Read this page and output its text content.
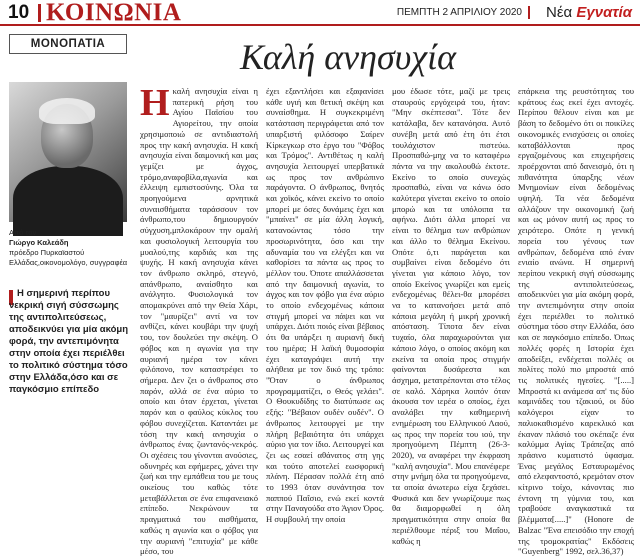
10 ΚΟΙΝΩΝΙΑ	ΠΕΜΠΤΗ 2 ΑΠΡΙΛΙΟΥ 2020 Νέα Εγνατία
ΜΟΝΟΠΑΤΙΑ
Από τον
Γιώργο Καλεάδη
πρόεδρο Πυρκαϊαστού Ελλάδας,οικονομολόγο, συγγραφέα
Η σημερινή περίπου νεκρική σιγή σύσσωμης της αντιπολιτεύσεως, αποδεικνύει για μία ακόμη φορά, την αντεπιμόνητα στην οποία έχει περιέλθει το πολιτικό σύστημα τόσο στην Ελλάδα,όσο και σε παγκόσμιο επίπεδο
Καλή ανησυχία
Η καλή ανησυχία είναι η πατερική ρήση του Αγίου Παϊσίου του Αγιορείτου, την οποία χρησιμοποιώ σε αντιδιαστολή προς την κακή ανησυχία. Η κακή ανησυχία είναι δαιμονική και μας γεμίζει με άγχος, τρόμο,αναφοβίλα,αγωνία και έλλειψη εμπιστοσύνης. Όλα τα προηγούμενα αρνητικά συναισθήματα ταράσσουν τον άνθρωπο,του δημιουργούν σύγχυση,μπλοκάρουν την ομαλή και φυσιολογική λειτουργία του μυαλού,της καρδιάς και της ψυχής. Η κακή ανησυχία κάνει τον άνθρωπο σκληρό, στεγνό, απάνθρωπο, αναίσθητο και ανάλγητο. Φυσιολογικά τον απομακρύνει από την Θεία Χάρι, τον "μαυρίζει" αντί να τον ανθίζει, κάνει κουβάρι την ψυχή του, τον δουλεύει την σκέψη. Ο φόβος και η αγωνία για την αυριανή ημέρα τον κάνει φιλόπονο, τον καταστρέφει το σήμερα. Δεν ζει ο άνθρωπος στο παρόν, αλλά σε ένα αύριο το οποίο και όταν έρχεται, γίνεται παρόν και ο φαύλος κύκλος του φόβου συνεχίζεται. Καταντάει με τόση την κακή ανησυχία ο άνθρωπος ένας ζωντανός-νεκρός. Οι σχέσεις του γίνονται ανούσιες, οδυνηρές και εφήμερες, χάνει την ζωή και την εμπάθεια του με τους οικείους του καθώς τότε μεταβάλλεται σε ένα επιφανειακό επίπεδο. Νεκρώνουν τα πραγματικά του αισθήματα, καθώς η αγωνία και ο φόβος για την αυριανή "επιτυχία" με κάθε μέσο, του

έχει εξαντλήσει και εξαφανίσει κάθε υγιή και θετική σκέψη και συναίσθημα. Η συγκεκριμένη κατάσταση περιγράφεται από τον υπαρξιστή φιλόσοφο Σαίρεν Κίρκεγκωρ στο έργο του "Φόβος και Τρόμος". Αντιθέτως η καλή ανησυχία λειτουργεί υπερβατικά ως προς τον ανθρώπινο παράγοντα. Ο άνθρωπος, θνητός και χοϊκός, κάνει εκείνο το οποίο μπορεί με όσες δυνάμεις έχει και "μπαίνει" σε μία άλλη λογική, κατανοώντας τόσο την προσωρινότητα, όσο και την αδυναμία του να ελέγξει και να καθορίσει τα πάντα ως προς το μέλλον του. Όποτε απαλλάσσεται από την δαιμονική αγωνία, το άγχος και τον φόβο για ένα αύριο το οποίο ενδεχομένως κάποια στιγμή μπορεί να πάψει και να υπάρχει. Διότι ποιός είναι βέβαιος ότι θα υπάρξει η αυριανή δική του ημέρα; Η λαϊκή θυμοσοφία έχει καταγράψει αυτή την αλήθεια με τον δικό της τρόπο: "Όταν ο άνθρωπος προγραμματίζει, ο Θεός γελάει". Ο Θουκυδίδης το διατύπωσε ως εξής: "Βέβαιον ουδέν ουδέν". Ο άνθρωπος λειτουργεί με την πλήρη βεβαιότητα ότι υπάρχει αύριο για τον ίδιο. Λειτουργεί και ζει ως εσαεί αθάνατος στη γης και τούτο αποτελεί εωσφορική πλάνη. Πέρασαν πολλά έτη από το 1993 όταν συνάντησα τον παππού Παΐσιο, ενώ εκεί κοντά στην Παναγούδα στο Άγιον Όρος. Η συμβουλή την οποία

μου έδωσε τότε, μαζί με τρεις σταυρούς εργόχειρά του, ήταν: "Μην σκέπτεσαι". Τότε δεν κατάλαβα, δεν κατανόησα. Αυτό συνέβη μετά από έτη ότι έτσι τουλάχιστον πιστεύω. Προσπαθώ-μηχ να το καταφέρω πάντα να την ακολουθώ έκτοτε. Εκείνο το οποίο συνεχώς προσπαθώ, είναι να κάνω όσο καλύτερα γίνεται εκείνο το οποίο μπορώ και τα υπόλοιπα τα αφήνω. Διότι άλλα μπορεί να είναι το θέλημα των ανθρώπων και άλλο το θέλημα Εκείνου. Οπότε ό,τι παράγεται και συμβαίνει είναι δεδομένο ότι γίνεται για κάποιο λόγο, τον οποίο Εκείνος γνωρίζει και εμείς ενδεχομένως θέλει-θα μπορέσει να το κατανοήσει μετά από κάποια μεγάλη ή μικρή χρονική απόσταση. Τίποτα δεν είναι τυχαίο, όλα παραχωρούνται για κάποιο λόγο, ο οποίος ακόμη και εκείνα τα οποία προς στιγμήν φαίνονται δυσάρεστα και άσχημα, μετατρέπονται στο τέλος σε καλό. Χάρηκα λοιπόν όταν άκουσα τον ιερέα ο οποίος, έχει αναλάβει την καθημερινή ενημέρωση του Ελληνικού Λαού, ως προς την πορεία του ιού, την προηγούμενη Πέμπτη (26-3-2020), να αναφέρει την έκφραση "καλή ανησυχία". Μου επανέφερε στην μνήμη όλα τα προηγούμενα, τα οποία άνωτερω είχα ξεχάσει. Φυσικά και δεν γνωρίζουμε πως θα διαμορφωθεί η όλη πραγματικότητα στην οποία θα περιέλθουμε πέριξ του Μαΐου, καθώς η

επάρκεια της ρευστότητας του κράτους έως εκεί έχει αντοχές. Περίπου θέλουν είναι και με βάση το δεδομένο ότι οι ποικίλες οικονομικές ενισχύσεις οι οποίες καταβάλλονται προς εργαζομένους και επιχειρήσεις προέρχονται από δανεισμό, ότι η πιθανότητα ύπαρξης νέων Μνημονίων είναι δεδομένως υψηλή. Τα νέα δεδομένα αλλάζουν την οικονομική ζωή και ως μόνον αυτή ως προς το χειρότερο. Οπότε η γενική πορεία του γένους των ανθρώπων, δεδομένα από έναν ενιαίο ανώνα. Η σημερινή περίπου νεκρική σιγή σύσσωμης της αντιπολιτεύσεως, αποδεικνύει για μία ακόμη φορά, την αντεπιμόνητα στην οποία έχει περιέλθει το πολιτικό σύστημα τόσο στην Ελλάδα, όσο και σε παγκόσμιο επίπεδο. Όπως πολλές φορές η Ιστορία έχει αποδείξει, ενδέχεται πολλές οι πολίτες πολύ πιο μπροστά από τις πολιτικές ηγεσίες. "[.....] Μπροστά κι ανάμεσα απ' τις δύο καμινάδες του τζακιού, οι δύο καλόγεροι είχαν το παλιοκαθισμένο καρεκλικό και έκαναν πλάσιό του σκέπαζε ένα καλύμμα Αγίας Τράπεζας από πράσινο κυματιστό ύφασμα. Ένας μεγάλος Εσταυρωμένος από ελεφαντοστό, κρεμόταν στον κίτρινο τοίχο, κάνοντας πιο έντονη τη γύμνια του, και τραβούσε αναγκαστικά τα βλέμματα[.....]" (Honore de Balzac "Ένα επεισόδιο την εποχή της τρομοκρατίας" Εκδόσεις "Guyenberg" 1992, σελ.36,37)
